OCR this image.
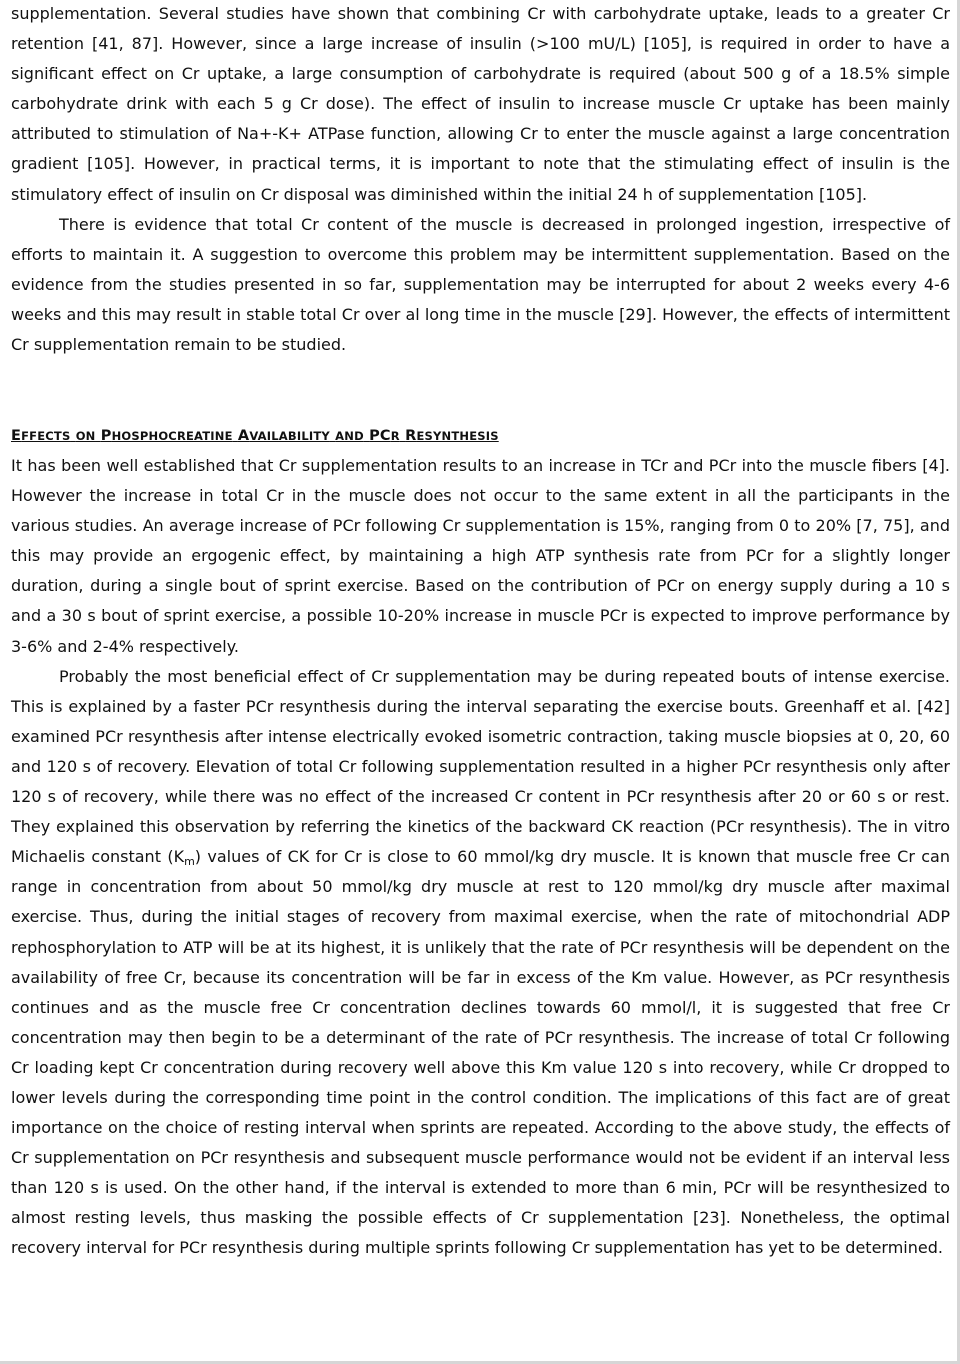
supplementation. Several studies have shown that combining Cr with carbohydrate uptake, leads to a greater Cr retention [41, 87]. However, since a large increase of insulin (>100 mU/L) [105], is required in order to have a significant effect on Cr uptake, a large consumption of carbohydrate is required (about 500 g of a 18.5% simple carbohydrate drink with each 5 g Cr dose). The effect of insulin to increase muscle Cr uptake has been mainly attributed to stimulation of Na+-K+ ATPase function, allowing Cr to enter the muscle against a large concentration gradient [105]. However, in practical terms, it is important to note that the stimulating effect of insulin is the stimulatory effect of insulin on Cr disposal was diminished within the initial 24 h of supplementation [105].

There is evidence that total Cr content of the muscle is decreased in prolonged ingestion, irrespective of efforts to maintain it. A suggestion to overcome this problem may be intermittent supplementation. Based on the evidence from the studies presented in so far, supplementation may be interrupted for about 2 weeks every 4-6 weeks and this may result in stable total Cr over al long time in the muscle [29]. However, the effects of intermittent Cr supplementation remain to be studied.

EFFECTS ON PHOSPHOCREATINE AVAILABILITY AND PCR RESYNTHESIS

It has been well established that Cr supplementation results to an increase in TCr and PCr into the muscle fibers [4]. However the increase in total Cr in the muscle does not occur to the same extent in all the participants in the various studies. An average increase of PCr following Cr supplementation is 15%, ranging from 0 to 20% [7, 75], and this may provide an ergogenic effect, by maintaining a high ATP synthesis rate from PCr for a slightly longer duration, during a single bout of sprint exercise. Based on the contribution of PCr on energy supply during a 10 s and a 30 s bout of sprint exercise, a possible 10-20% increase in muscle PCr is expected to improve performance by 3-6% and 2-4% respectively.

Probably the most beneficial effect of Cr supplementation may be during repeated bouts of intense exercise. This is explained by a faster PCr resynthesis during the interval separating the exercise bouts. Greenhaff et al. [42] examined PCr resynthesis after intense electrically evoked isometric contraction, taking muscle biopsies at 0, 20, 60 and 120 s of recovery. Elevation of total Cr following supplementation resulted in a higher PCr resynthesis only after 120 s of recovery, while there was no effect of the increased Cr content in PCr resynthesis after 20 or 60 s or rest. They explained this observation by referring the kinetics of the backward CK reaction (PCr resynthesis). The in vitro Michaelis constant $(K_m)$ values of CK for Cr is close to 60 mmol/kg dry muscle. It is known that muscle free Cr can range in concentration from about 50 mmol/kg dry muscle at rest to 120 mmol/kg dry muscle after maximal exercise. Thus, during the initial stages of recovery from maximal exercise, when the rate of mitochondrial ADP rephosphorylation to ATP will be at its highest, it is unlikely that the rate of PCr resynthesis will be dependent on the availability of free Cr, because its concentration will be far in excess of the Km value. However, as PCr resynthesis continues and as the muscle free Cr concentration declines towards 60 mmol/l, it is suggested that free Cr concentration may then begin to be a determinant of the rate of PCr resynthesis. The increase of total Cr following Cr loading kept Cr concentration during recovery well above this Km value 120 s into recovery, while Cr dropped to lower levels during the corresponding time point in the control condition. The implications of this fact are of great importance on the choice of resting interval when sprints are repeated. According to the above study, the effects of Cr supplementation on PCr resynthesis and subsequent muscle performance would not be evident if an interval less than 120 s is used. On the other hand, if the interval is extended to more than 6 min, PCr will be resynthesized to almost resting levels, thus masking the possible effects of Cr supplementation [23]. Nonetheless, the optimal recovery interval for PCr resynthesis during multiple sprints following Cr supplementation has yet to be determined.
